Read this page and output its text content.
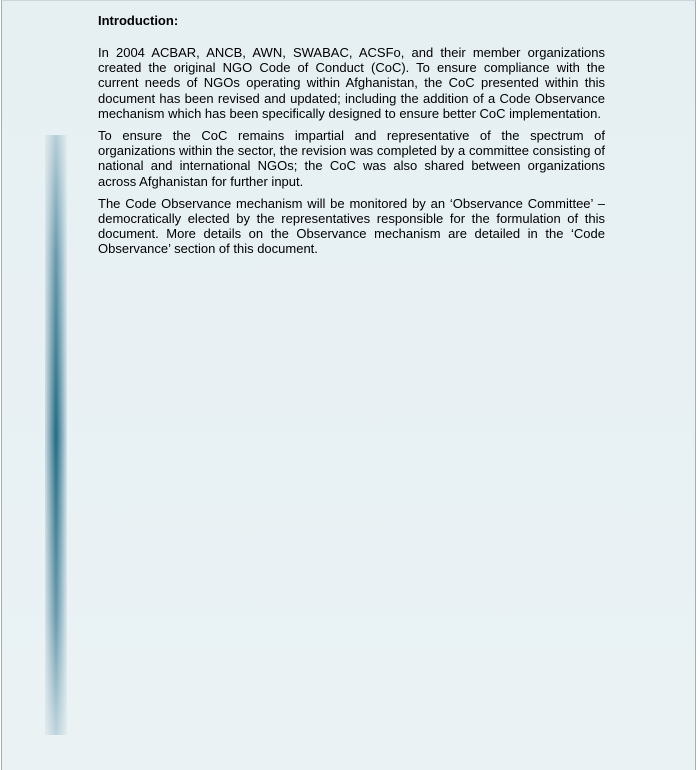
Introduction:

In 2004 ACBAR, ANCB, AWN, SWABAC, ACSFo, and their member organizations created the original NGO Code of Conduct (CoC). To ensure compliance with the current needs of NGOs operating within Afghanistan, the CoC presented within this document has been revised and updated; including the addition of a Code Observance mechanism which has been specifically designed to ensure better CoC implementation.

To ensure the CoC remains impartial and representative of the spectrum of organizations within the sector, the revision was completed by a committee consisting of national and international NGOs; the CoC was also shared between organizations across Afghanistan for further input.

The Code Observance mechanism will be monitored by an ‘Observance Committee’ – democratically elected by the representatives responsible for the formulation of this document. More details on the Observance mechanism are detailed in the ‘Code Observance’ section of this document.
